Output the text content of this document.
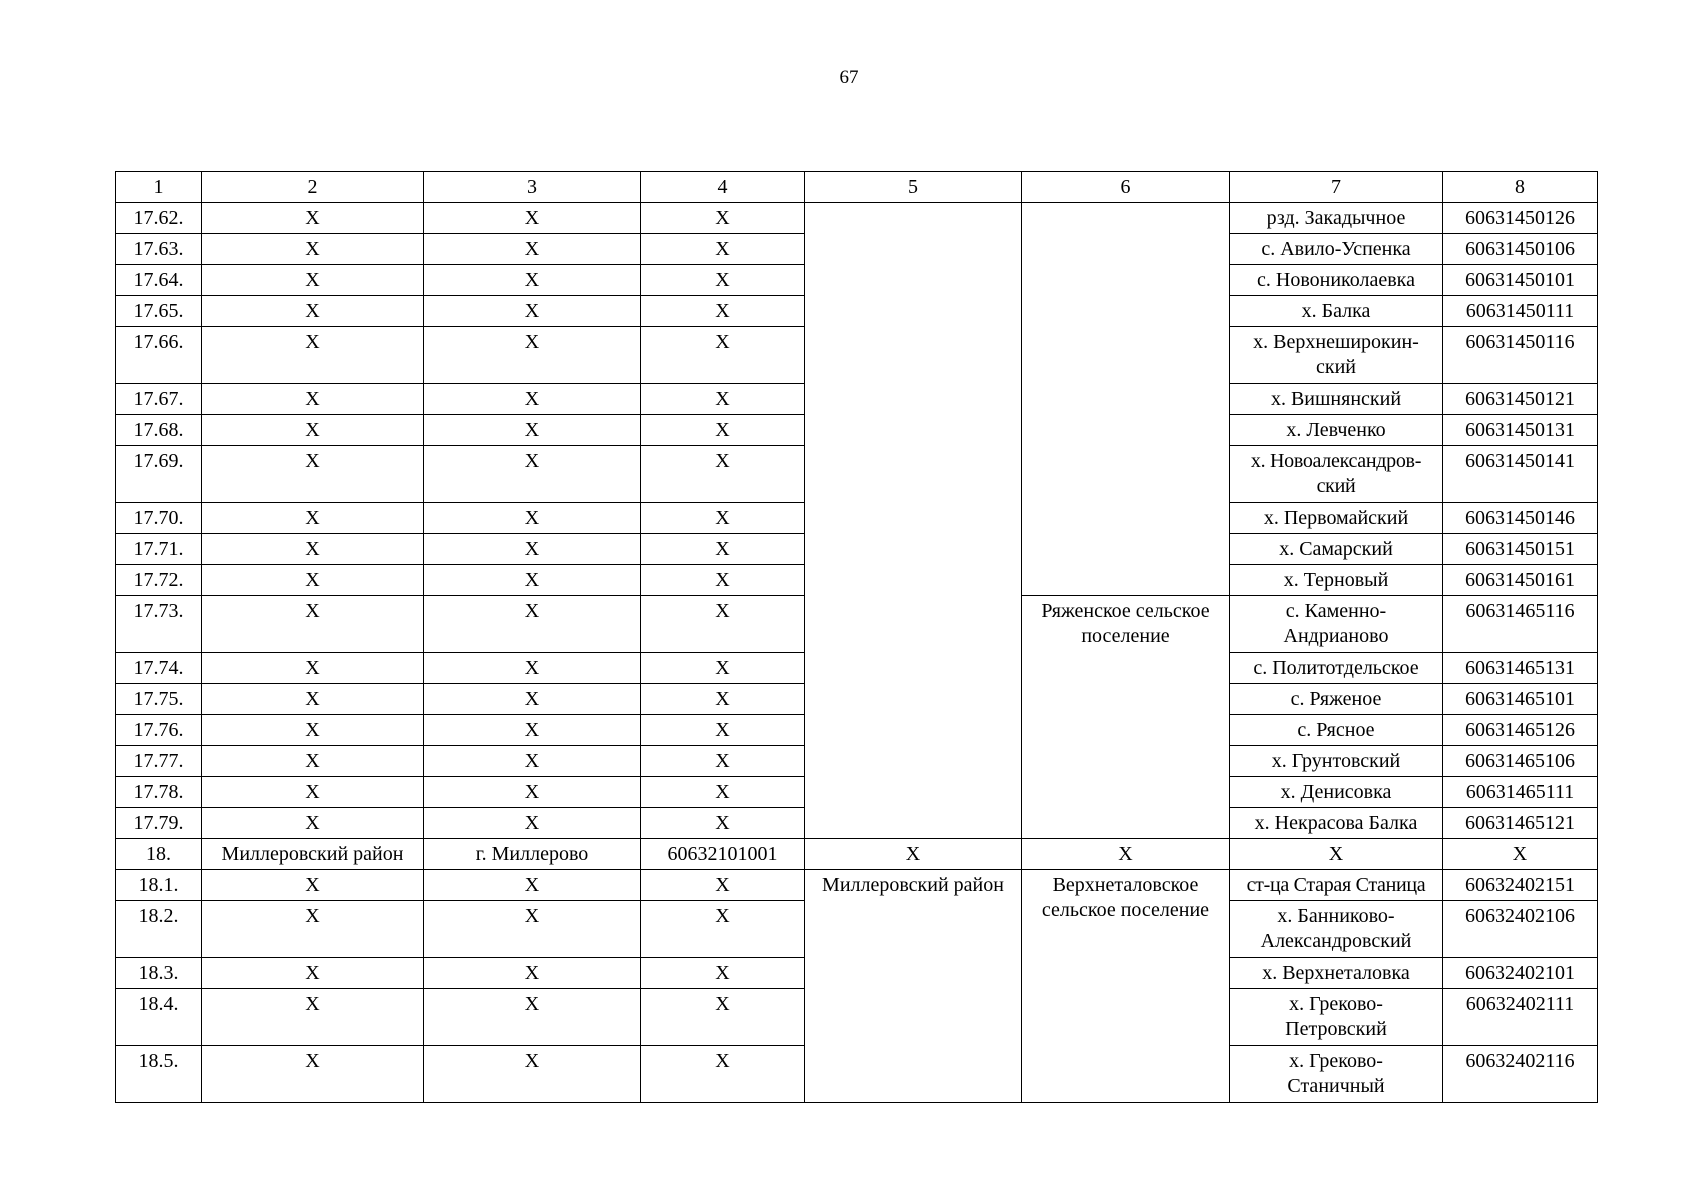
67
1	2	3	4	5	6	7	8
17.62.	X	X	X			рзд. Закадычное	60631450126
17.63.	X	X	X			с. Авило-Успенка	60631450106
17.64.	X	X	X			с. Новониколаевка	60631450101
17.65.	X	X	X			х. Балка	60631450111
17.66.	X	X	X			х. Верхнеширокин-
ский	60631450116
17.67.	X	X	X			х. Вишнянский	60631450121
17.68.	X	X	X			х. Левченко	60631450131
17.69.	X	X	X			х. Новоалександров-
ский	60631450141
17.70.	X	X	X			х. Первомайский	60631450146
17.71.	X	X	X			х. Самарский	60631450151
17.72.	X	X	X			х. Терновый	60631450161
17.73.	X	X	X		Ряженское сельское
поселение	с. Каменно-
Андрианово	60631465116
17.74.	X	X	X			с. Политотдельское	60631465131
17.75.	X	X	X			с. Ряженое	60631465101
17.76.	X	X	X			с. Рясное	60631465126
17.77.	X	X	X			х. Грунтовский	60631465106
17.78.	X	X	X			х. Денисовка	60631465111
17.79.	X	X	X			х. Некрасова Балка	60631465121
18.	Миллеровский район	г. Миллерово	60632101001	X	X	X	X
18.1.	X	X	X	Миллеровский район	Верхнеталовское
сельское поселение	ст-ца Старая Станица	60632402151
18.2.	X	X	X			х. Банниково-
Александровский	60632402106
18.3.	X	X	X			х. Верхнеталовка	60632402101
18.4.	X	X	X			х. Греково-
Петровский	60632402111
18.5.	X	X	X			х. Греково-
Станичный	60632402116
